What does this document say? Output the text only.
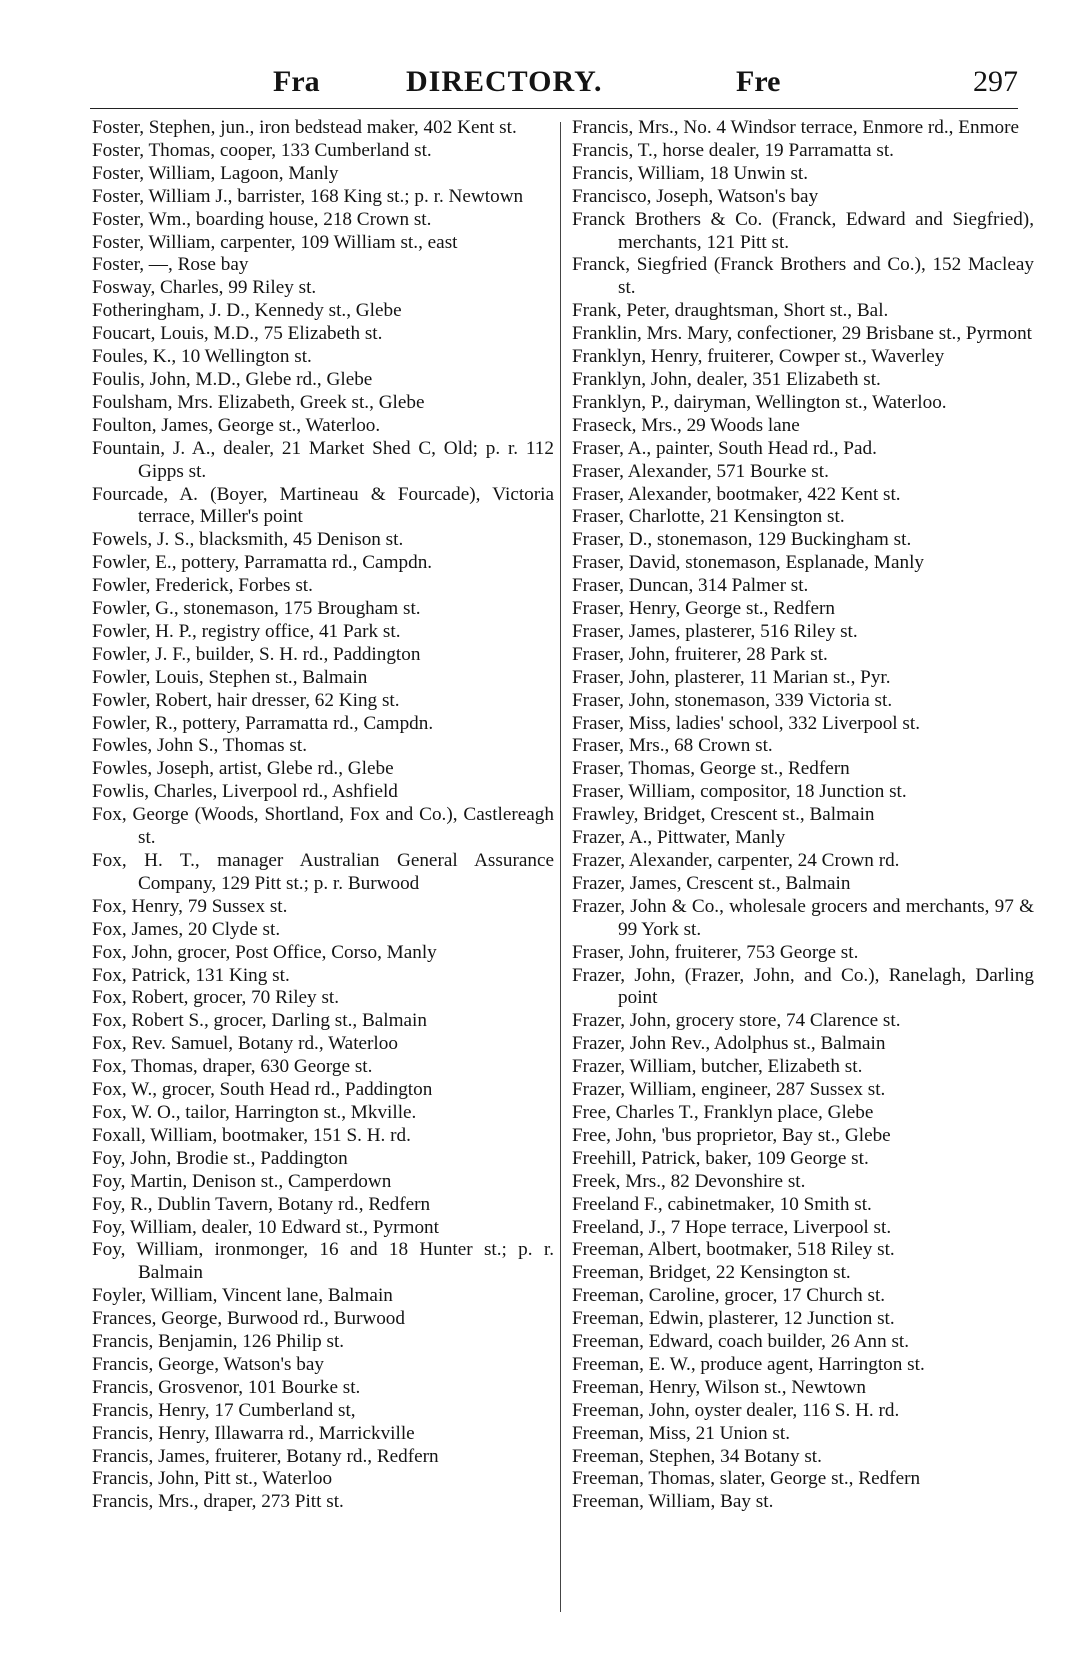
Fra	DIRECTORY.	Fre	297

Foster, Stephen, jun., iron bedstead maker, 402 Kent st.

Foster, Thomas, cooper, 133 Cumberland st.

Foster, William, Lagoon, Manly

Foster, William J., barrister, 168 King st.; p. r. Newtown

Foster, Wm., boarding house, 218 Crown st.

Foster, William, carpenter, 109 William st., east

Foster, —, Rose bay

Fosway, Charles, 99 Riley st.

Fotheringham, J. D., Kennedy st., Glebe

Foucart, Louis, M.D., 75 Elizabeth st.

Foules, K., 10 Wellington st.

Foulis, John, M.D., Glebe rd., Glebe

Foulsham, Mrs. Elizabeth, Greek st., Glebe

Foulton, James, George st., Waterloo.

Fountain, J. A., dealer, 21 Market Shed C, Old; p. r. 112 Gipps st.

Fourcade, A. (Boyer, Martineau & Fourcade), Victoria terrace, Miller's point

Fowels, J. S., blacksmith, 45 Denison st.

Fowler, E., pottery, Parramatta rd., Campdn.

Fowler, Frederick, Forbes st.

Fowler, G., stonemason, 175 Brougham st.

Fowler, H. P., registry office, 41 Park st.

Fowler, J. F., builder, S. H. rd., Paddington

Fowler, Louis, Stephen st., Balmain

Fowler, Robert, hair dresser, 62 King st.

Fowler, R., pottery, Parramatta rd., Campdn.

Fowles, John S., Thomas st.

Fowles, Joseph, artist, Glebe rd., Glebe

Fowlis, Charles, Liverpool rd., Ashfield

Fox, George (Woods, Shortland, Fox and Co.), Castlereagh st.

Fox, H. T., manager Australian General Assurance Company, 129 Pitt st.; p. r. Burwood

Fox, Henry, 79 Sussex st.

Fox, James, 20 Clyde st.

Fox, John, grocer, Post Office, Corso, Manly

Fox, Patrick, 131 King st.

Fox, Robert, grocer, 70 Riley st.

Fox, Robert S., grocer, Darling st., Balmain

Fox, Rev. Samuel, Botany rd., Waterloo

Fox, Thomas, draper, 630 George st.

Fox, W., grocer, South Head rd., Paddington

Fox, W. O., tailor, Harrington st., Mkville.

Foxall, William, bootmaker, 151 S. H. rd.

Foy, John, Brodie st., Paddington

Foy, Martin, Denison st., Camperdown

Foy, R., Dublin Tavern, Botany rd., Redfern

Foy, William, dealer, 10 Edward st., Pyrmont

Foy, William, ironmonger, 16 and 18 Hunter st.; p. r. Balmain

Foyler, William, Vincent lane, Balmain

Frances, George, Burwood rd., Burwood

Francis, Benjamin, 126 Philip st.

Francis, George, Watson's bay

Francis, Grosvenor, 101 Bourke st.

Francis, Henry, 17 Cumberland st,

Francis, Henry, Illawarra rd., Marrickville

Francis, James, fruiterer, Botany rd., Redfern

Francis, John, Pitt st., Waterloo

Francis, Mrs., draper, 273 Pitt st.

Francis, Mrs., No. 4 Windsor terrace, Enmore rd., Enmore

Francis, T., horse dealer, 19 Parramatta st.

Francis, William, 18 Unwin st.

Francisco, Joseph, Watson's bay

Franck Brothers & Co. (Franck, Edward and Siegfried), merchants, 121 Pitt st.

Franck, Siegfried (Franck Brothers and Co.), 152 Macleay st.

Frank, Peter, draughtsman, Short st., Bal.

Franklin, Mrs. Mary, confectioner, 29 Brisbane st., Pyrmont

Franklyn, Henry, fruiterer, Cowper st., Waverley

Franklyn, John, dealer, 351 Elizabeth st.

Franklyn, P., dairyman, Wellington st., Waterloo.

Fraseck, Mrs., 29 Woods lane

Fraser, A., painter, South Head rd., Pad.

Fraser, Alexander, 571 Bourke st.

Fraser, Alexander, bootmaker, 422 Kent st.

Fraser, Charlotte, 21 Kensington st.

Fraser, D., stonemason, 129 Buckingham st.

Fraser, David, stonemason, Esplanade, Manly

Fraser, Duncan, 314 Palmer st.

Fraser, Henry, George st., Redfern

Fraser, James, plasterer, 516 Riley st.

Fraser, John, fruiterer, 28 Park st.

Fraser, John, plasterer, 11 Marian st., Pyr.

Fraser, John, stonemason, 339 Victoria st.

Fraser, Miss, ladies' school, 332 Liverpool st.

Fraser, Mrs., 68 Crown st.

Fraser, Thomas, George st., Redfern

Fraser, William, compositor, 18 Junction st.

Frawley, Bridget, Crescent st., Balmain

Frazer, A., Pittwater, Manly

Frazer, Alexander, carpenter, 24 Crown rd.

Frazer, James, Crescent st., Balmain

Frazer, John & Co., wholesale grocers and merchants, 97 & 99 York st.

Fraser, John, fruiterer, 753 George st.

Frazer, John, (Frazer, John, and Co.), Ranelagh, Darling point

Frazer, John, grocery store, 74 Clarence st.

Frazer, John Rev., Adolphus st., Balmain

Frazer, William, butcher, Elizabeth st.

Frazer, William, engineer, 287 Sussex st.

Free, Charles T., Franklyn place, Glebe

Free, John, 'bus proprietor, Bay st., Glebe

Freehill, Patrick, baker, 109 George st.

Freek, Mrs., 82 Devonshire st.

Freeland F., cabinetmaker, 10 Smith st.

Freeland, J., 7 Hope terrace, Liverpool st.

Freeman, Albert, bootmaker, 518 Riley st.

Freeman, Bridget, 22 Kensington st.

Freeman, Caroline, grocer, 17 Church st.

Freeman, Edwin, plasterer, 12 Junction st.

Freeman, Edward, coach builder, 26 Ann st.

Freeman, E. W., produce agent, Harrington st.

Freeman, Henry, Wilson st., Newtown

Freeman, John, oyster dealer, 116 S. H. rd.

Freeman, Miss, 21 Union st.

Freeman, Stephen, 34 Botany st.

Freeman, Thomas, slater, George st., Redfern

Freeman, William, Bay st.
